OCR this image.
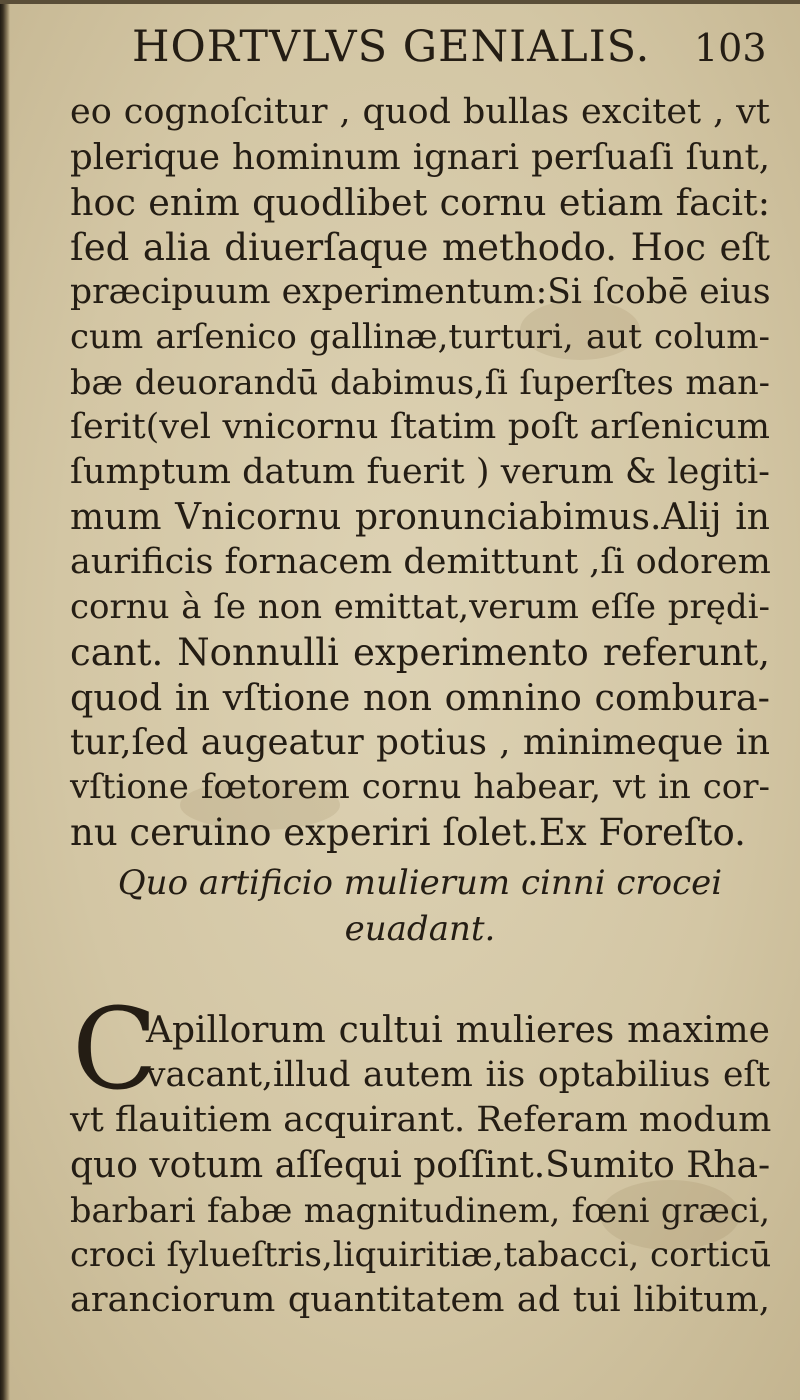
HORTVLVS GENIALIS. 103
eo cognoſcitur , quod bullas excitet , vt
plerique hominum ignari perſuaſi ſunt,
hoc enim quodlibet cornu etiam facit:
ſed alia diuerſaque methodo. Hoc eſt
præcipuum experimentum:Si ſcobē eius
cum arſenico gallinæ,turturi, aut colum-
bæ deuorandū dabimus,ſi ſuperſtes man-
ſerit(vel vnicornu ſtatim poſt arſenicum
ſumptum datum fuerit ) verum & legiti-
mum Vnicornu pronunciabimus.Alij in
aurificis fornacem demittunt ,ſi odorem
cornu à ſe non emittat,verum eſſe prędi-
cant. Nonnulli experimento referunt,
quod in vſtione non omnino combura-
tur,ſed augeatur potius , minimeque in
vſtione fœtorem cornu habear, vt in cor-
nu ceruino experiri ſolet.Ex Foreſto.
Quo artificio mulierum cinni crocei
euadant.
C
Apillorum cultui mulieres maxime
vacant,illud autem iis optabilius eſt
vt flauitiem acquirant. Referam modum
quo votum aſſequi poſſint.Sumito Rha-
barbari fabæ magnitudinem, fœni græci,
croci ſylueſtris,liquiritiæ,tabacci, corticū
aranciorum quantitatem ad tui libitum,
